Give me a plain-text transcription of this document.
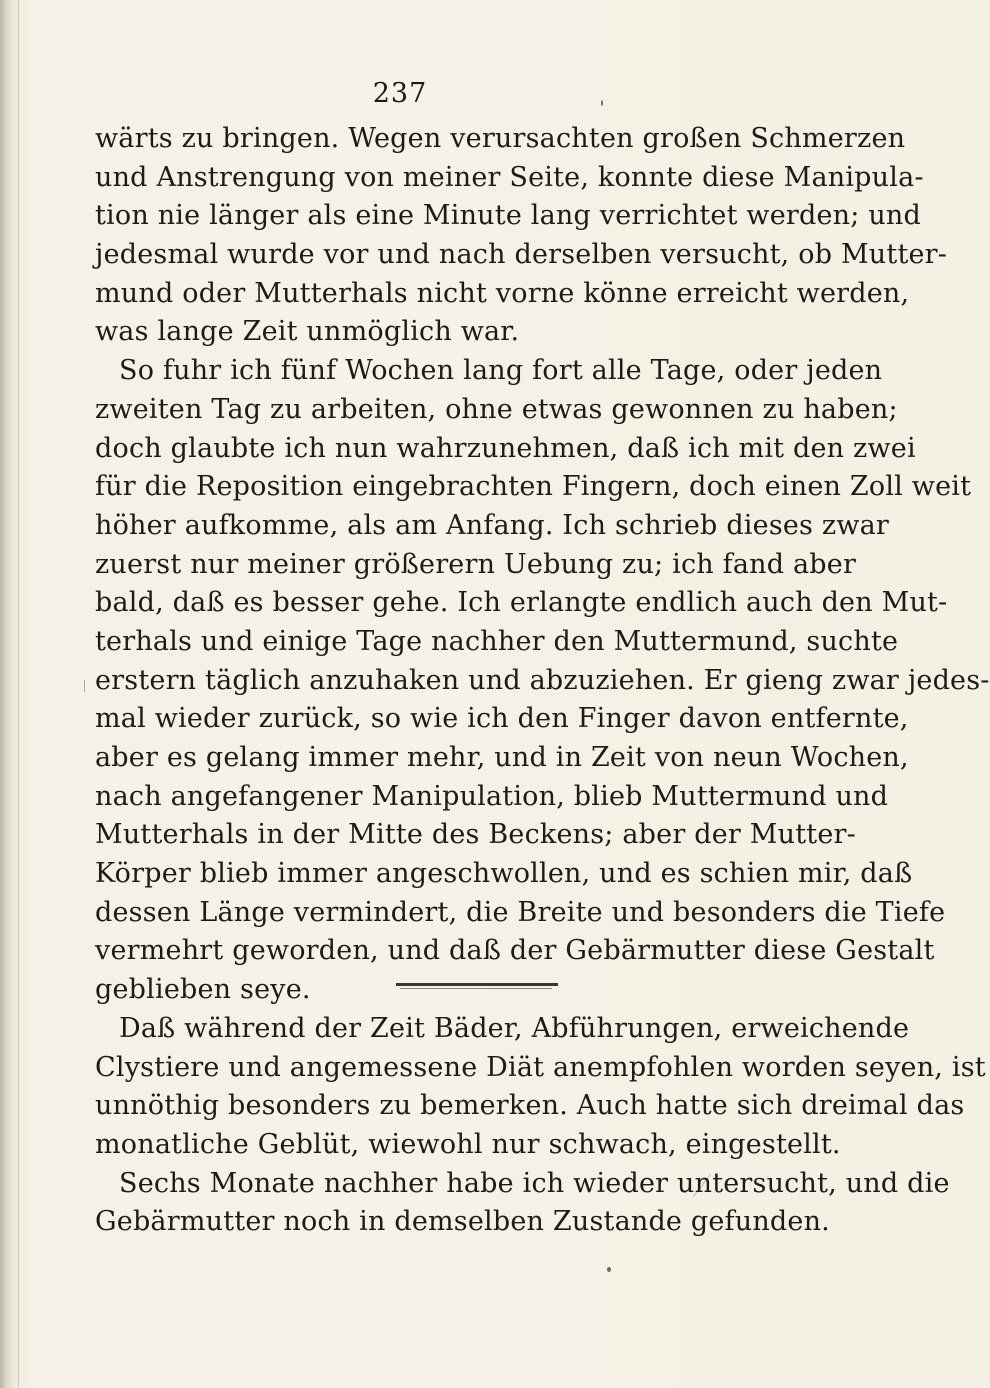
237
wärts zu bringen. Wegen verursachten großen Schmerzen
und Anstrengung von meiner Seite, konnte diese Manipula-
tion nie länger als eine Minute lang verrichtet werden; und
jedesmal wurde vor und nach derselben versucht, ob Mutter-
mund oder Mutterhals nicht vorne könne erreicht werden,
was lange Zeit unmöglich war.
So fuhr ich fünf Wochen lang fort alle Tage, oder jeden
zweiten Tag zu arbeiten, ohne etwas gewonnen zu haben;
doch glaubte ich nun wahrzunehmen, daß ich mit den zwei
für die Reposition eingebrachten Fingern, doch einen Zoll weit
höher aufkomme, als am Anfang. Ich schrieb dieses zwar
zuerst nur meiner größerern Uebung zu; ich fand aber
bald, daß es besser gehe. Ich erlangte endlich auch den Mut-
terhals und einige Tage nachher den Muttermund, suchte
erstern täglich anzuhaken und abzuziehen. Er gieng zwar jedes-
mal wieder zurück, so wie ich den Finger davon entfernte,
aber es gelang immer mehr, und in Zeit von neun Wochen,
nach angefangener Manipulation, blieb Muttermund und
Mutterhals in der Mitte des Beckens; aber der Mutter-
Körper blieb immer angeschwollen, und es schien mir, daß
dessen Länge vermindert, die Breite und besonders die Tiefe
vermehrt geworden, und daß der Gebärmutter diese Gestalt
geblieben seye.
Daß während der Zeit Bäder, Abführungen, erweichende
Clystiere und angemessene Diät anempfohlen worden seyen, ist
unnöthig besonders zu bemerken. Auch hatte sich dreimal das
monatliche Geblüt, wiewohl nur schwach, eingestellt.
Sechs Monate nachher habe ich wieder untersucht, und die
Gebärmutter noch in demselben Zustande gefunden.
